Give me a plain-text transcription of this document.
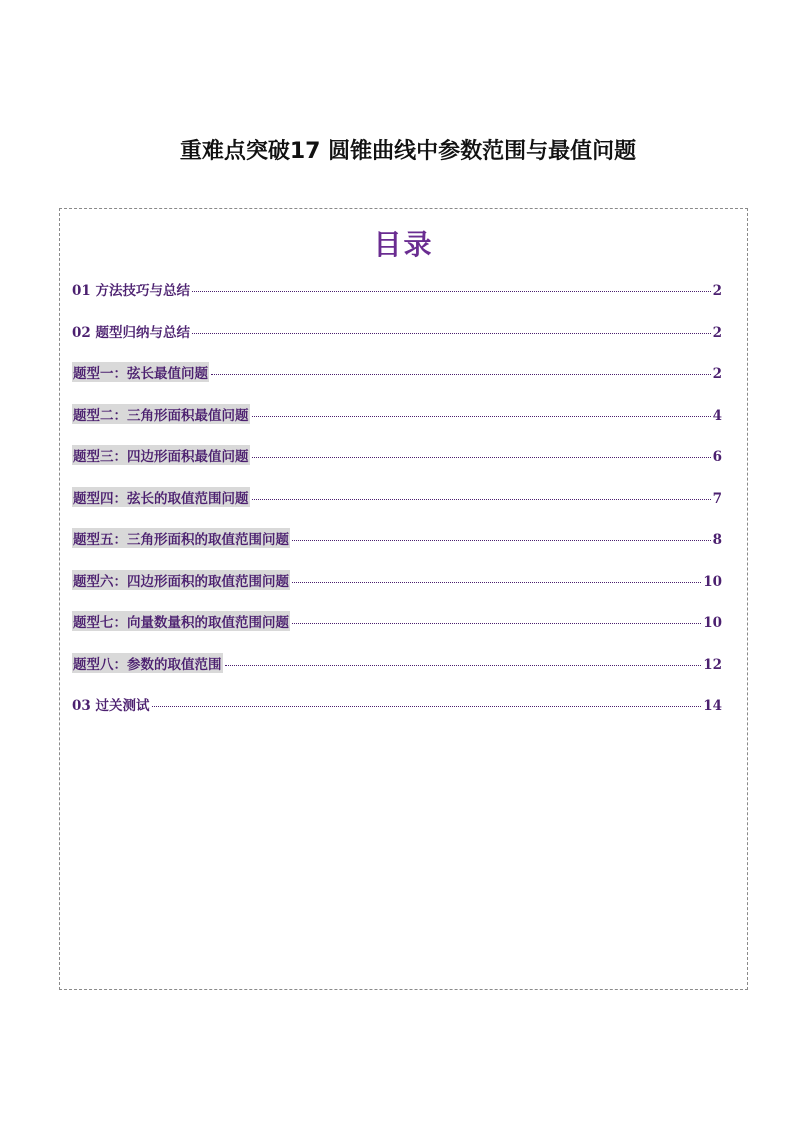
重难点突破17 圆锥曲线中参数范围与最值问题
目录
01 方法技巧与总结	2
02 题型归纳与总结	2
题型一：弦长最值问题	2
题型二：三角形面积最值问题	4
题型三：四边形面积最值问题	6
题型四：弦长的取值范围问题	7
题型五：三角形面积的取值范围问题	8
题型六：四边形面积的取值范围问题	10
题型七：向量数量积的取值范围问题	10
题型八：参数的取值范围	12
03 过关测试	14
